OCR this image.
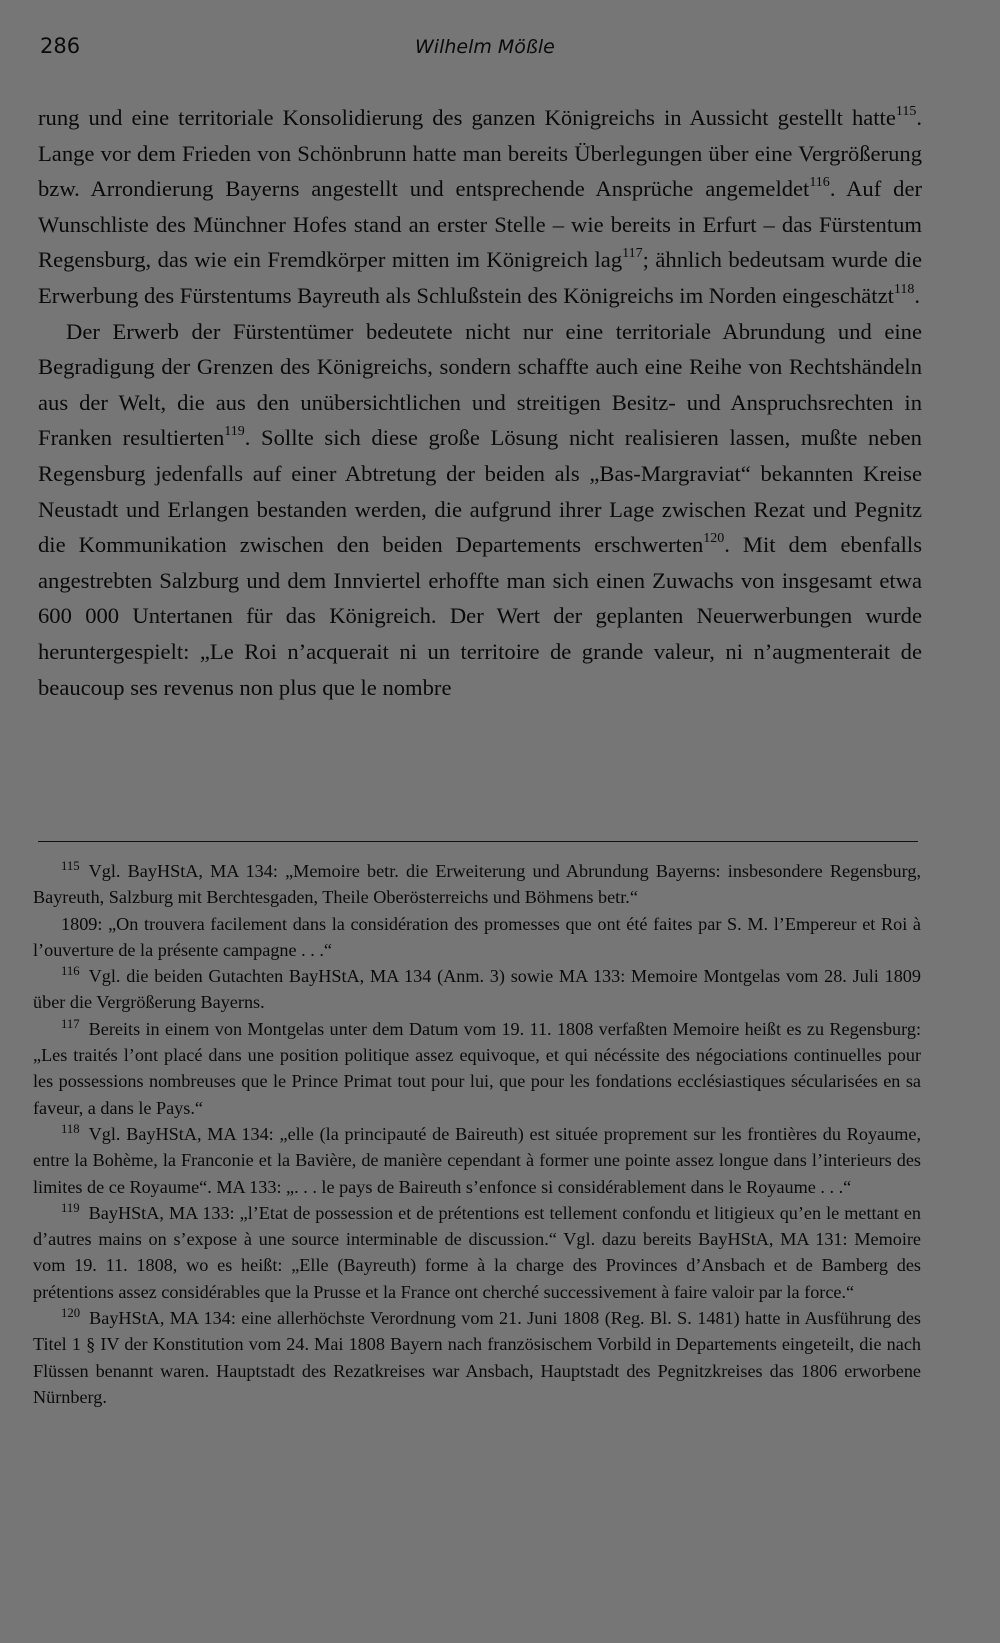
286	Wilhelm Mößle

rung und eine territoriale Konsolidierung des ganzen Königreichs in Aussicht gestellt hatte$^{115}$. Lange vor dem Frieden von Schönbrunn hatte man bereits Überlegungen über eine Vergrößerung bzw. Arrondierung Bayerns angestellt und entsprechende Ansprüche angemeldet$^{116}$. Auf der Wunschliste des Münchner Hofes stand an erster Stelle – wie bereits in Erfurt – das Fürstentum Regensburg, das wie ein Fremdkörper mitten im Königreich lag$^{117}$; ähnlich bedeutsam wurde die Erwerbung des Fürstentums Bayreuth als Schlußstein des Königreichs im Norden eingeschätzt$^{118}$.

Der Erwerb der Fürstentümer bedeutete nicht nur eine territoriale Abrundung und eine Begradigung der Grenzen des Königreichs, sondern schaffte auch eine Reihe von Rechtshändeln aus der Welt, die aus den unübersichtlichen und streitigen Besitz- und Anspruchsrechten in Franken resultierten$^{119}$. Sollte sich diese große Lösung nicht realisieren lassen, mußte neben Regensburg jedenfalls auf einer Abtretung der beiden als „Bas-Margraviat“ bekannten Kreise Neustadt und Erlangen bestanden werden, die aufgrund ihrer Lage zwischen Rezat und Pegnitz die Kommunikation zwischen den beiden Departements erschwerten$^{120}$. Mit dem ebenfalls angestrebten Salzburg und dem Innviertel erhoffte man sich einen Zuwachs von insgesamt etwa 600 000 Untertanen für das Königreich. Der Wert der geplanten Neuerwerbungen wurde heruntergespielt: „Le Roi n’acquerait ni un territoire de grande valeur, ni n’augmenterait de beaucoup ses revenus non plus que le nombre

$^{115}$ Vgl. BayHStA, MA 134: „Memoire betr. die Erweiterung und Abrundung Bayerns: insbesondere Regensburg, Bayreuth, Salzburg mit Berchtesgaden, Theile Oberösterreichs und Böhmens betr.“

1809: „On trouvera facilement dans la considération des promesses que ont été faites par S. M. l’Empereur et Roi à l’ouverture de la présente campagne . . .“

$^{116}$ Vgl. die beiden Gutachten BayHStA, MA 134 (Anm. 3) sowie MA 133: Memoire Montgelas vom 28. Juli 1809 über die Vergrößerung Bayerns.

$^{117}$ Bereits in einem von Montgelas unter dem Datum vom 19. 11. 1808 verfaßten Memoire heißt es zu Regensburg: „Les traités l’ont placé dans une position politique assez equivoque, et qui nécéssite des négociations continuelles pour les possessions nombreuses que le Prince Primat tout pour lui, que pour les fondations ecclésiastiques sécularisées en sa faveur, a dans le Pays.“

$^{118}$ Vgl. BayHStA, MA 134: „elle (la principauté de Baireuth) est située proprement sur les frontières du Royaume, entre la Bohème, la Franconie et la Bavière, de manière cependant à former une pointe assez longue dans l’interieurs des limites de ce Royaume“. MA 133: „. . . le pays de Baireuth s’enfonce si considérablement dans le Royaume . . .“

$^{119}$ BayHStA, MA 133: „l’Etat de possession et de prétentions est tellement confondu et litigieux qu’en le mettant en d’autres mains on s’expose à une source interminable de discussion.“ Vgl. dazu bereits BayHStA, MA 131: Memoire vom 19. 11. 1808, wo es heißt: „Elle (Bayreuth) forme à la charge des Provinces d’Ansbach et de Bamberg des prétentions assez considérables que la Prusse et la France ont cherché successivement à faire valoir par la force.“

$^{120}$ BayHStA, MA 134: eine allerhöchste Verordnung vom 21. Juni 1808 (Reg. Bl. S. 1481) hatte in Ausführung des Titel 1 § IV der Konstitution vom 24. Mai 1808 Bayern nach französischem Vorbild in Departements eingeteilt, die nach Flüssen benannt waren. Hauptstadt des Rezatkreises war Ansbach, Hauptstadt des Pegnitzkreises das 1806 erworbene Nürnberg.
